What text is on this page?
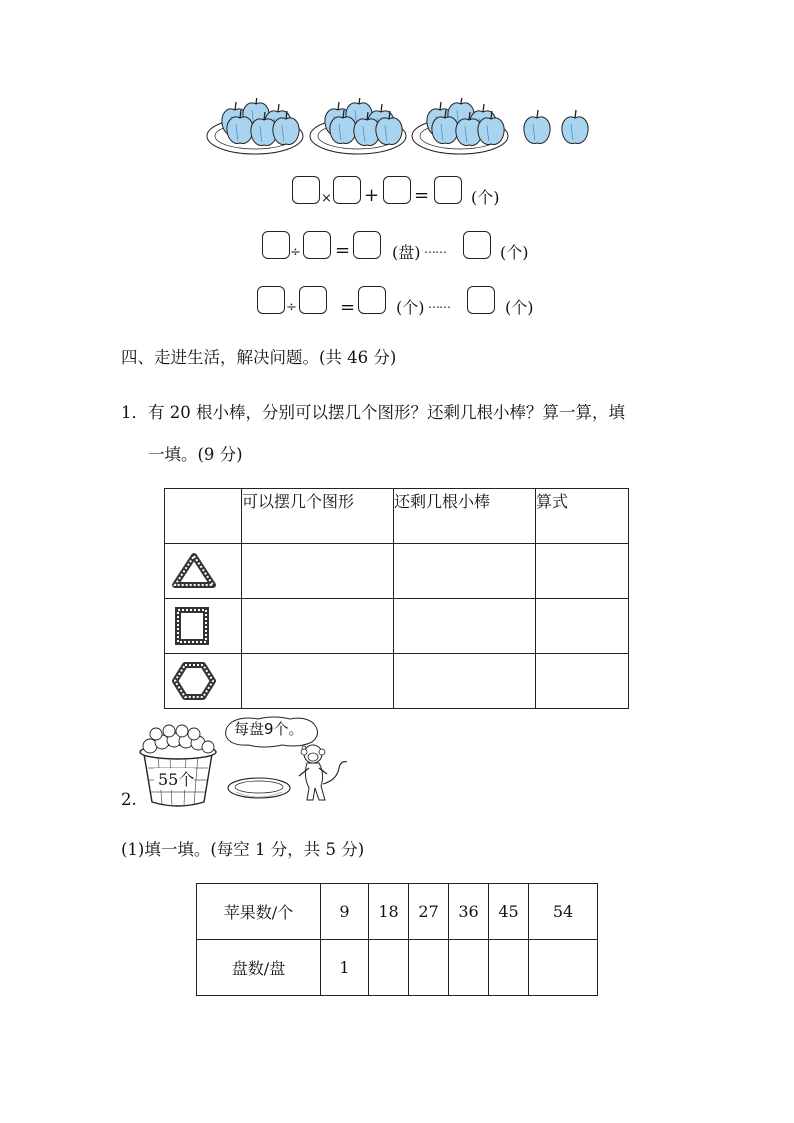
× + =	(个)
÷ =	(盘) ……	(个)
÷ =	(个) ……	(个)
四、走进生活，解决问题。(共 46 分)
1．有 20 根小棒，分别可以摆几个图形？还剩几根小棒？算一算，填
一填。(9 分)
	可以摆几个图形	还剩几根小棒	算式

2.
55个
每盘9个。
(1)填一填。(每空 1 分，共 5 分)
苹果数/个	9	18	27	36	45	54
盘数/盘	1					
